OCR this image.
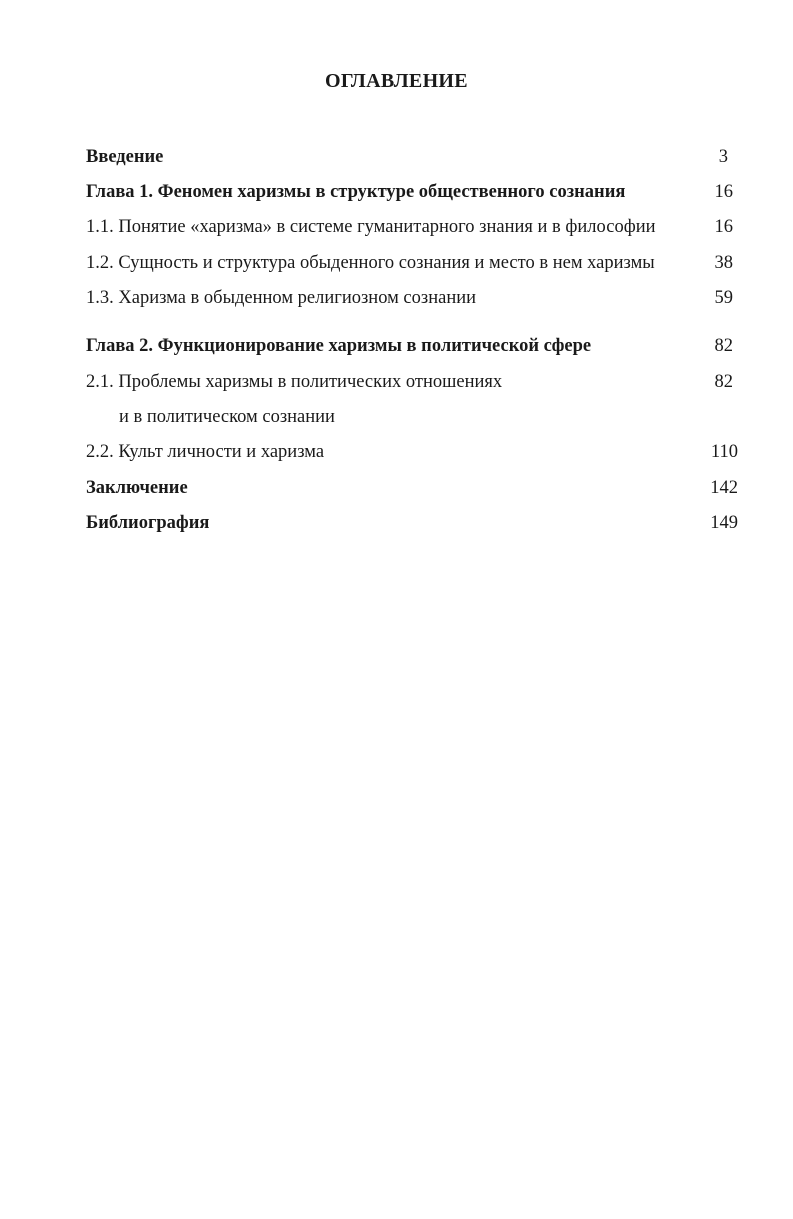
ОГЛАВЛЕНИЕ
Введение	3
Глава 1. Феномен харизмы в структуре общественного сознания	16
1.1. Понятие «харизма» в системе гуманитарного знания и в философии	16
1.2. Сущность и структура обыденного сознания и место в нем харизмы	38
1.3. Харизма в обыденном религиозном сознании	59
Глава 2. Функционирование харизмы в политической сфере	82
2.1. Проблемы харизмы в политических отношениях	82
и в политическом сознании
2.2. Культ личности и харизма	110
Заключение	142
Библиография	149
